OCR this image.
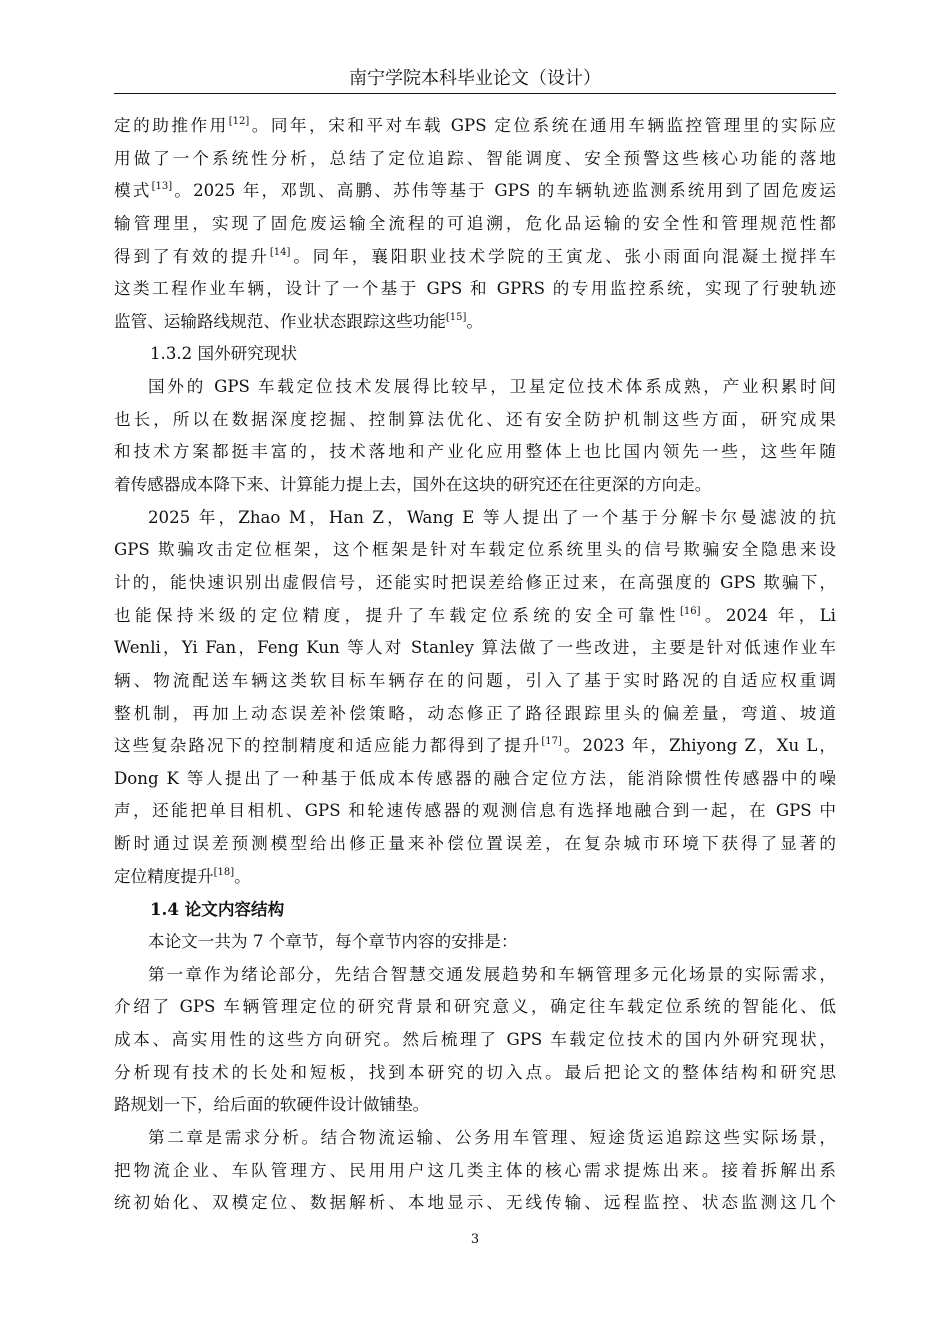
南宁学院本科毕业论文（设计）
定的助推作用[12]。同年，宋和平对车载 GPS 定位系统在通用车辆监控管理里的实际应
用做了一个系统性分析，总结了定位追踪、智能调度、安全预警这些核心功能的落地
模式[13]。2025 年，邓凯、高鹏、苏伟等基于 GPS 的车辆轨迹监测系统用到了固危废运
输管理里，实现了固危废运输全流程的可追溯，危化品运输的安全性和管理规范性都
得到了有效的提升[14]。同年，襄阳职业技术学院的王寅龙、张小雨面向混凝土搅拌车
这类工程作业车辆，设计了一个基于 GPS 和 GPRS 的专用监控系统，实现了行驶轨迹
监管、运输路线规范、作业状态跟踪这些功能[15]。
1.3.2 国外研究现状
国外的 GPS 车载定位技术发展得比较早，卫星定位技术体系成熟，产业积累时间
也长，所以在数据深度挖掘、控制算法优化、还有安全防护机制这些方面，研究成果
和技术方案都挺丰富的，技术落地和产业化应用整体上也比国内领先一些，这些年随
着传感器成本降下来、计算能力提上去，国外在这块的研究还在往更深的方向走。
2025 年，Zhao M，Han Z，Wang E 等人提出了一个基于分解卡尔曼滤波的抗
GPS 欺骗攻击定位框架，这个框架是针对车载定位系统里头的信号欺骗安全隐患来设
计的，能快速识别出虚假信号，还能实时把误差给修正过来，在高强度的 GPS 欺骗下，
也能保持米级的定位精度，提升了车载定位系统的安全可靠性[16]。2024 年，Li
Wenli，Yi Fan，Feng Kun 等人对 Stanley 算法做了一些改进，主要是针对低速作业车
辆、物流配送车辆这类软目标车辆存在的问题，引入了基于实时路况的自适应权重调
整机制，再加上动态误差补偿策略，动态修正了路径跟踪里头的偏差量，弯道、坡道
这些复杂路况下的控制精度和适应能力都得到了提升[17]。2023 年，Zhiyong Z，Xu L，
Dong K 等人提出了一种基于低成本传感器的融合定位方法，能消除惯性传感器中的噪
声，还能把单目相机、GPS 和轮速传感器的观测信息有选择地融合到一起，在 GPS 中
断时通过误差预测模型给出修正量来补偿位置误差，在复杂城市环境下获得了显著的
定位精度提升[18]。
1.4 论文内容结构
本论文一共为 7 个章节，每个章节内容的安排是：
第一章作为绪论部分，先结合智慧交通发展趋势和车辆管理多元化场景的实际需求，
介绍了 GPS 车辆管理定位的研究背景和研究意义，确定往车载定位系统的智能化、低
成本、高实用性的这些方向研究。然后梳理了 GPS 车载定位技术的国内外研究现状，
分析现有技术的长处和短板，找到本研究的切入点。最后把论文的整体结构和研究思
路规划一下，给后面的软硬件设计做铺垫。
第二章是需求分析。结合物流运输、公务用车管理、短途货运追踪这些实际场景，
把物流企业、车队管理方、民用用户这几类主体的核心需求提炼出来。接着拆解出系
统初始化、双模定位、数据解析、本地显示、无线传输、远程监控、状态监测这几个
3
